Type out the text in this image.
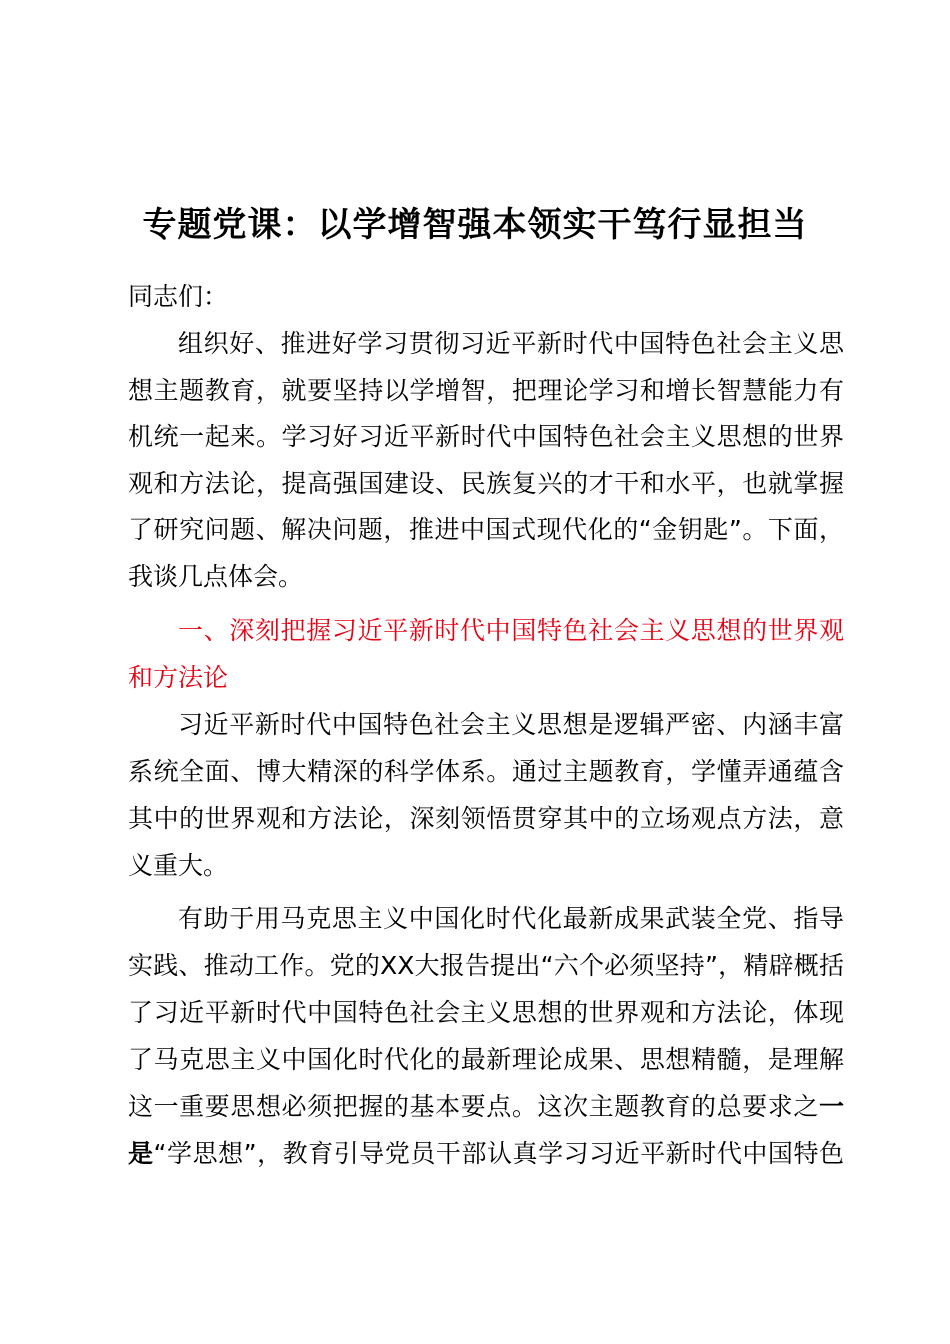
专题党课：以学增智强本领实干笃行显担当
同志们：
组织好、推进好学习贯彻习近平新时代中国特色社会主义思
想主题教育，就要坚持以学增智，把理论学习和增长智慧能力有
机统一起来。学习好习近平新时代中国特色社会主义思想的世界
观和方法论，提高强国建设、民族复兴的才干和水平，也就掌握
了研究问题、解决问题，推进中国式现代化的“金钥匙”。下面，
我谈几点体会。
一、深刻把握习近平新时代中国特色社会主义思想的世界观
和方法论
习近平新时代中国特色社会主义思想是逻辑严密、内涵丰富
系统全面、博大精深的科学体系。通过主题教育，学懂弄通蕴含
其中的世界观和方法论，深刻领悟贯穿其中的立场观点方法，意
义重大。
有助于用马克思主义中国化时代化最新成果武装全党、指导
实践、推动工作。党的XX大报告提出“六个必须坚持”，精辟概括
了习近平新时代中国特色社会主义思想的世界观和方法论，体现
了马克思主义中国化时代化的最新理论成果、思想精髓，是理解
这一重要思想必须把握的基本要点。这次主题教育的总要求之一
是“学思想”，教育引导党员干部认真学习习近平新时代中国特色
